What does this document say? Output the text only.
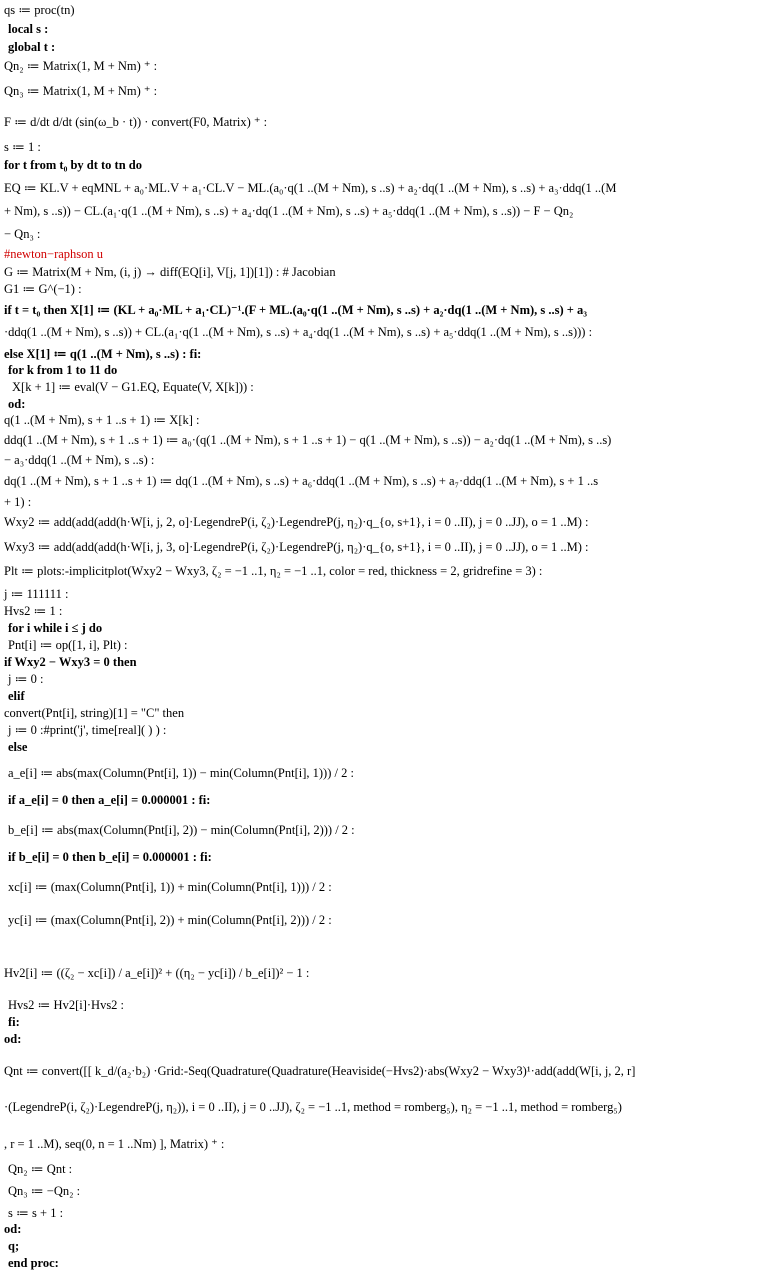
qs ≔ proc(tn)
local s :
global t :
Qn₂ ≔ Matrix(1, M + Nm) ⁺ :
Qn₃ ≔ Matrix(1, M + Nm) ⁺ :
F ≔ d/dt d/dt (sin(ω_b · t)) · convert(F0, Matrix) ⁺ :
s ≔ 1 :
for t from t₀ by dt to tn do
EQ ≔ KL.V + eqMNL + a₀·ML.V + a₁·CL.V − ML.(a₀·q(1 ..(M + Nm), s ..s) + a₂·dq(1 ..(M + Nm), s ..s) + a₃·ddq(1 ..(M
+ Nm), s ..s)) − CL.(a₁·q(1 ..(M + Nm), s ..s) + a₄·dq(1 ..(M + Nm), s ..s) + a₅·ddq(1 ..(M + Nm), s ..s)) − F − Qn₂
− Qn₃ :
#newton−raphson u
G ≔ Matrix(M + Nm, (i, j) → diff(EQ[i], V[j, 1])[1]) : # Jacobian
G1 ≔ G^(−1) :
if t = t₀ then X[1] ≔ (KL + a₀·ML + a₁·CL)⁻¹.(F + ML.(a₀·q(1 ..(M + Nm), s ..s) + a₂·dq(1 ..(M + Nm), s ..s) + a₃
·ddq(1 ..(M + Nm), s ..s)) + CL.(a₁·q(1 ..(M + Nm), s ..s) + a₄·dq(1 ..(M + Nm), s ..s) + a₅·ddq(1 ..(M + Nm), s ..s))) :
else X[1] ≔ q(1 ..(M + Nm), s ..s) : fi:
for k from 1 to 11 do
X[k + 1] ≔ eval(V − G1.EQ, Equate(V, X[k])) :
od:
q(1 ..(M + Nm), s + 1 ..s + 1) ≔ X[k] :
ddq(1 ..(M + Nm), s + 1 ..s + 1) ≔ a₀·(q(1 ..(M + Nm), s + 1 ..s + 1) − q(1 ..(M + Nm), s ..s)) − a₂·dq(1 ..(M + Nm), s ..s)
− a₃·ddq(1 ..(M + Nm), s ..s) :
dq(1 ..(M + Nm), s + 1 ..s + 1) ≔ dq(1 ..(M + Nm), s ..s) + a₆·ddq(1 ..(M + Nm), s ..s) + a₇·ddq(1 ..(M + Nm), s + 1 ..s
+ 1) :
Wxy2 ≔ add(add(add(h·W[i, j, 2, o]·LegendreP(i, ζ₂)·LegendreP(j, η₂)·q_{o, s+1}, i = 0 ..II), j = 0 ..JJ), o = 1 ..M) :
Wxy3 ≔ add(add(add(h·W[i, j, 3, o]·LegendreP(i, ζ₂)·LegendreP(j, η₂)·q_{o, s+1}, i = 0 ..II), j = 0 ..JJ), o = 1 ..M) :
Plt ≔ plots:-implicitplot(Wxy2 − Wxy3, ζ₂ = −1 ..1, η₂ = −1 ..1, color = red, thickness = 2, gridrefine = 3) :
j ≔ 111111 :
Hvs2 ≔ 1 :
for i while i ≤ j do
Pnt[i] ≔ op([1, i], Plt) :
if Wxy2 − Wxy3 = 0 then
j ≔ 0 :
elif
convert(Pnt[i], string)[1] = "C" then
j ≔ 0 :#print('j', time[real]( ) ) :
else
a_e[i] ≔ abs(max(Column(Pnt[i], 1)) − min(Column(Pnt[i], 1))) / 2 :
if a_e[i] = 0 then a_e[i] = 0.000001 : fi:
b_e[i] ≔ abs(max(Column(Pnt[i], 2)) − min(Column(Pnt[i], 2))) / 2 :
if b_e[i] = 0 then b_e[i] = 0.000001 : fi:
xc[i] ≔ (max(Column(Pnt[i], 1)) + min(Column(Pnt[i], 1))) / 2 :
yc[i] ≔ (max(Column(Pnt[i], 2)) + min(Column(Pnt[i], 2))) / 2 :
Hv2[i] ≔ ((ζ₂ − xc[i]) / a_e[i])² + ((η₂ − yc[i]) / b_e[i])² − 1 :
Hvs2 ≔ Hv2[i]·Hvs2 :
fi:
od:
Qnt ≔ convert([[ k_d/(a₂·b₂) ·Grid:-Seq(Quadrature(Quadrature(Heaviside(−Hvs2)·abs(Wxy2 − Wxy3)¹·add(add(W[i, j, 2, r]
·(LegendreP(i, ζ₂)·LegendreP(j, η₂)), i = 0 ..II), j = 0 ..JJ), ζ₂ = −1 ..1, method = romberg₅), η₂ = −1 ..1, method = romberg₅)
, r = 1 ..M), seq(0, n = 1 ..Nm) ], Matrix) ⁺ :
Qn₂ ≔ Qnt :
Qn₃ ≔ −Qn₂ :
s ≔ s + 1 :
od:
q;
end proc:
